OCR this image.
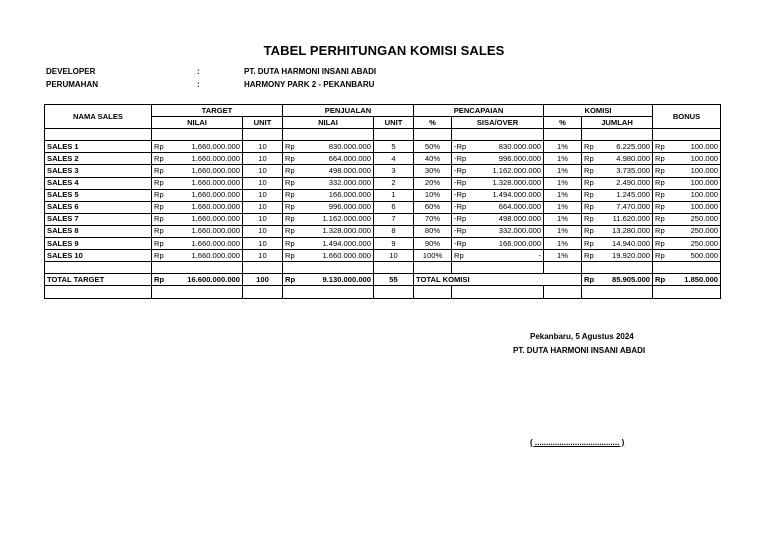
TABEL PERHITUNGAN KOMISI SALES
DEVELOPER	:	PT. DUTA HARMONI INSANI ABADI
PERUMAHAN	:	HARMONY PARK 2 - PEKANBARU
NAMA SALES	TARGET		PENJUALAN		PENCAPAIAN		KOMISI		BONUS
	NILAI	UNIT	NILAI	UNIT	%	SISA/OVER	%	JUMLAH	

SALES 1	Rp 1.660.000.000	10	Rp 830.000.000	5	50%	-Rp 830.000.000	1%	Rp 6.225.000	Rp 100.000

SALES 2	Rp 1.660.000.000	10	Rp 664.000.000	4	40%	-Rp 996.000.000	1%	Rp 4.980.000	Rp 100.000

SALES 3	Rp 1.660.000.000	10	Rp 498.000.000	3	30%	-Rp 1.162.000.000	1%	Rp 3.735.000	Rp 100.000

SALES 4	Rp 1.660.000.000	10	Rp 332.000.000	2	20%	-Rp 1.328.000.000	1%	Rp 2.490.000	Rp 100.000

SALES 5	Rp 1.660.000.000	10	Rp 166.000.000	1	10%	-Rp 1.494.000.000	1%	Rp 1.245.000	Rp 100.000

SALES 6	Rp 1.660.000.000	10	Rp 996.000.000	6	60%	-Rp 664.000.000	1%	Rp 7.470.000	Rp 100.000

SALES 7	Rp 1.660.000.000	10	Rp 1.162.000.000	7	70%	-Rp 498.000.000	1%	Rp 11.620.000	Rp 250.000

SALES 8	Rp 1.660.000.000	10	Rp 1.328.000.000	8	80%	-Rp 332.000.000	1%	Rp 13.280.000	Rp 250.000

SALES 9	Rp 1.660.000.000	10	Rp 1.494.000.000	9	90%	-Rp 166.000.000	1%	Rp 14.940.000	Rp 250.000

SALES 10	Rp 1.660.000.000	10	Rp 1.660.000.000	10	100%	Rp -	1%	Rp 19.920.000	Rp 500.000

TOTAL TARGET	Rp 16.600.000.000	100	Rp 9.130.000.000	55	TOTAL KOMISI			Rp 85.905.000	Rp 1.850.000

Pekanbaru, 5 Agustus 2024
PT. DUTA HARMONI INSANI ABADI
( ...................................... )
